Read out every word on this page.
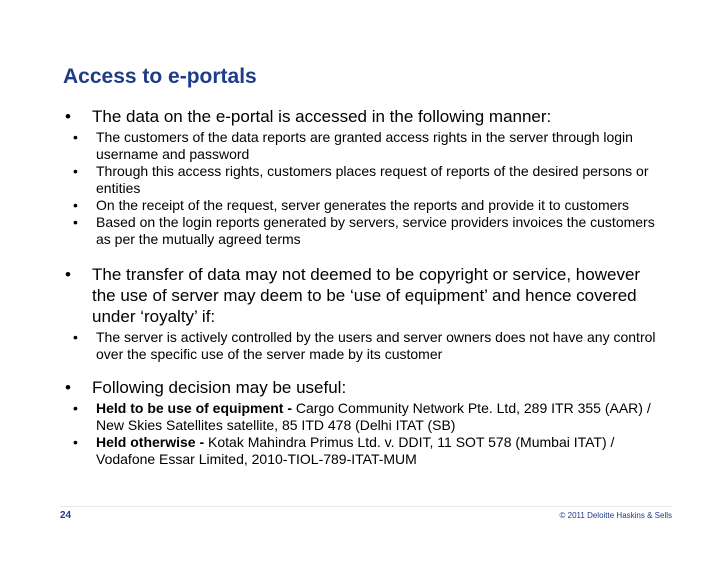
Access to e-portals
• The data on the e-portal is accessed in the following manner:
• The customers of the data reports are granted access rights in the server through login username and password
• Through this access rights, customers places request of reports of the desired persons or entities
• On the receipt of the request, server generates the reports and provide it to customers
• Based on the login reports generated by servers, service providers invoices the customers as per the mutually agreed terms
• The transfer of data may not deemed to be copyright or service, however the use of server may deem to be ‘use of equipment’ and hence covered under ‘royalty’ if:
• The server is actively controlled by the users and server owners does not have any control over the specific use of the server made by its customer
• Following decision may be useful:
• Held to be use of equipment - Cargo Community Network Pte. Ltd, 289 ITR 355 (AAR) / New Skies Satellites satellite, 85 ITD 478 (Delhi ITAT (SB)
• Held otherwise - Kotak Mahindra Primus Ltd. v. DDIT, 11 SOT 578 (Mumbai ITAT) / Vodafone Essar Limited, 2010-TIOL-789-ITAT-MUM
24	© 2011 Deloitte Haskins & Sells
